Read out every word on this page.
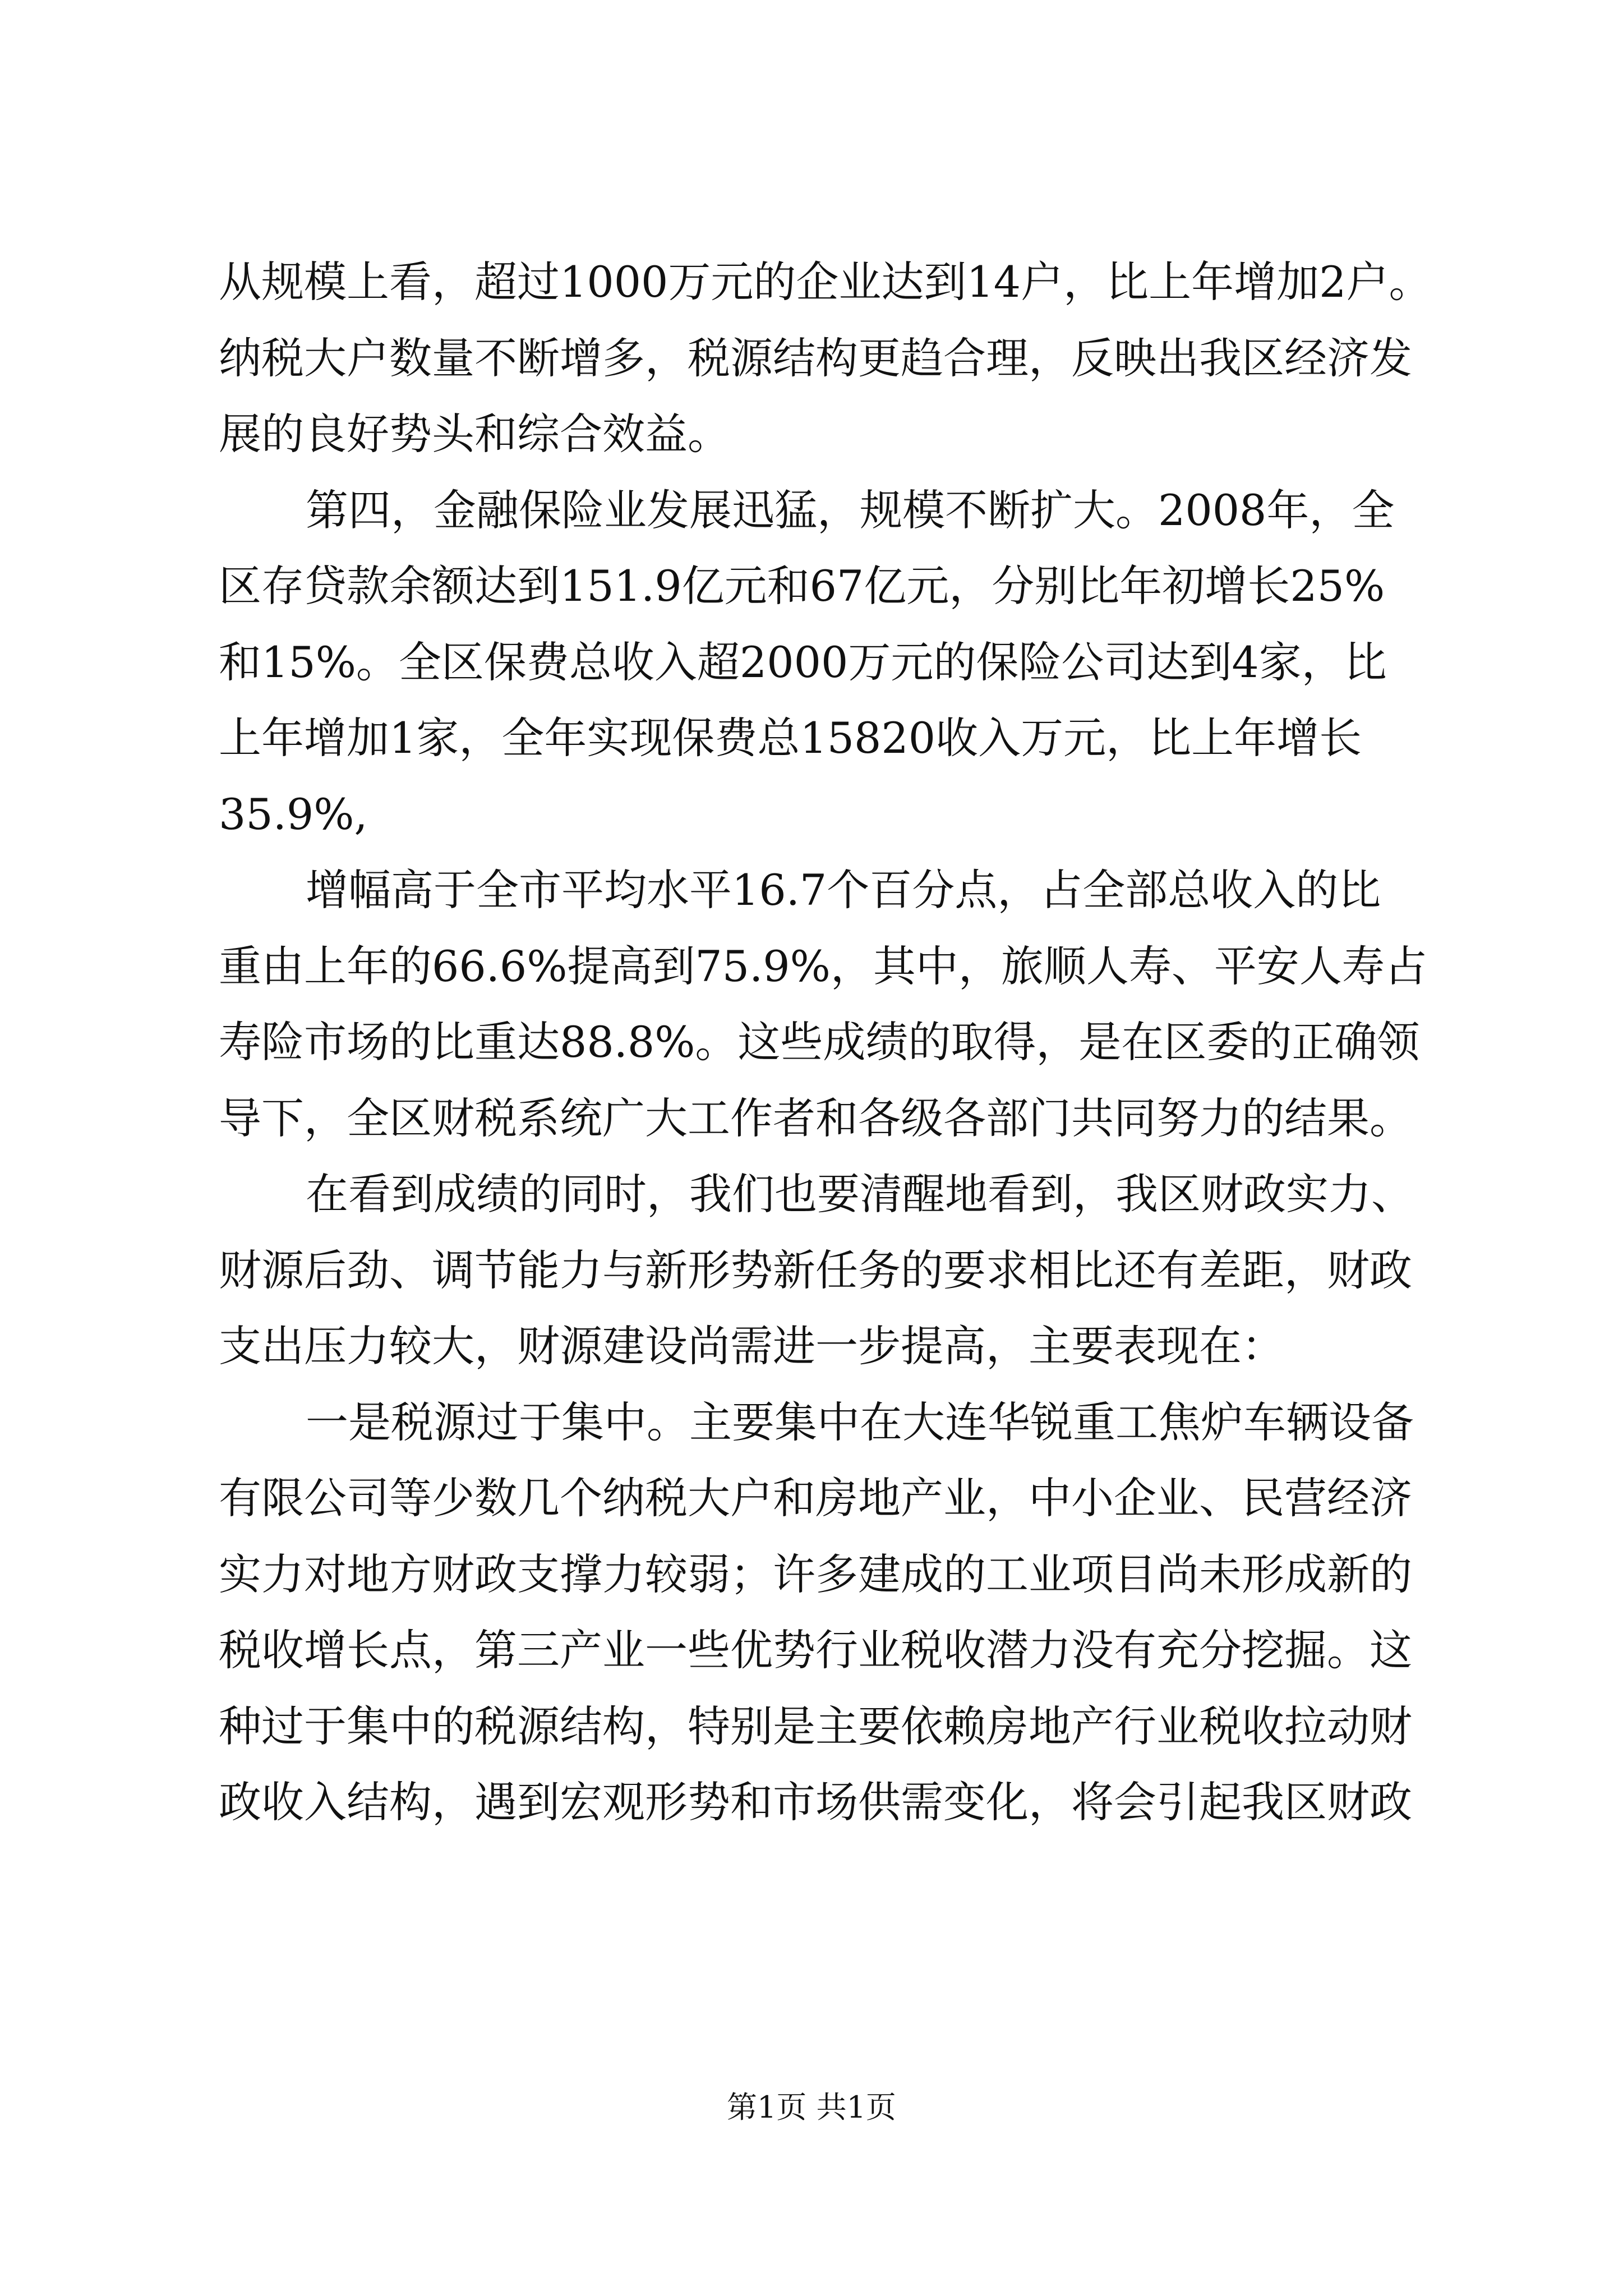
从规模上看，超过1000万元的企业达到14户，比上年增加2户。
纳税大户数量不断增多，税源结构更趋合理，反映出我区经济发
展的良好势头和综合效益。
第四，金融保险业发展迅猛，规模不断扩大。2008年，全
区存贷款余额达到151.9亿元和67亿元，分别比年初增长25%
和15%。全区保费总收入超2000万元的保险公司达到4家，比
上年增加1家，全年实现保费总15820收入万元，比上年增长
35.9%,
增幅高于全市平均水平16.7个百分点，占全部总收入的比
重由上年的66.6%提高到75.9%，其中，旅顺人寿、平安人寿占
寿险市场的比重达88.8%。这些成绩的取得，是在区委的正确领
导下，全区财税系统广大工作者和各级各部门共同努力的结果。
在看到成绩的同时，我们也要清醒地看到，我区财政实力、
财源后劲、调节能力与新形势新任务的要求相比还有差距，财政
支出压力较大，财源建设尚需进一步提高，主要表现在：
一是税源过于集中。主要集中在大连华锐重工焦炉车辆设备
有限公司等少数几个纳税大户和房地产业，中小企业、民营经济
实力对地方财政支撑力较弱；许多建成的工业项目尚未形成新的
税收增长点，第三产业一些优势行业税收潜力没有充分挖掘。这
种过于集中的税源结构，特别是主要依赖房地产行业税收拉动财
政收入结构，遇到宏观形势和市场供需变化，将会引起我区财政
第1页 共1页
